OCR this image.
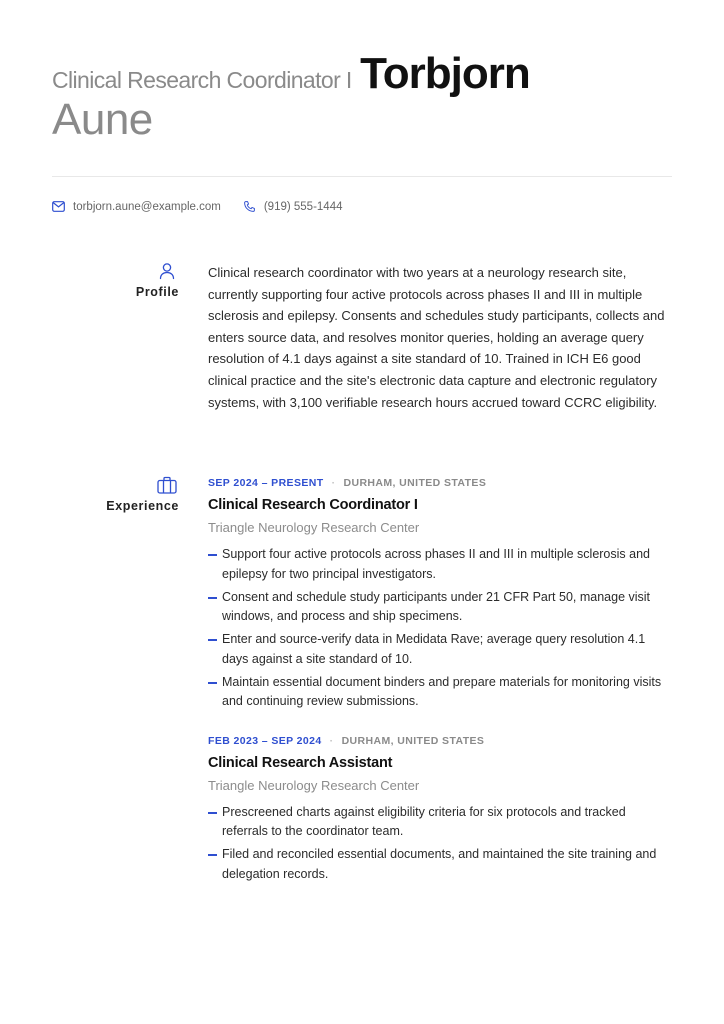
Clinical Research Coordinator I Torbjorn
Aune
torbjorn.aune@example.com	(919) 555-1444
Profile

Clinical research coordinator with two years at a neurology research site, currently supporting four active protocols across phases II and III in multiple sclerosis and epilepsy. Consents and schedules study participants, collects and enters source data, and resolves monitor queries, holding an average query resolution of 4.1 days against a site standard of 10. Trained in ICH E6 good clinical practice and the site's electronic data capture and electronic regulatory systems, with 3,100 verifiable research hours accrued toward CCRC eligibility.

Experience
SEP 2024 – PRESENT · DURHAM, UNITED STATES
Clinical Research Coordinator I
Triangle Neurology Research Center
Support four active protocols across phases II and III in multiple sclerosis and epilepsy for two principal investigators.
Consent and schedule study participants under 21 CFR Part 50, manage visit windows, and process and ship specimens.
Enter and source-verify data in Medidata Rave; average query resolution 4.1 days against a site standard of 10.
Maintain essential document binders and prepare materials for monitoring visits and continuing review submissions.
FEB 2023 – SEP 2024 · DURHAM, UNITED STATES
Clinical Research Assistant
Triangle Neurology Research Center
Prescreened charts against eligibility criteria for six protocols and tracked referrals to the coordinator team.
Filed and reconciled essential documents, and maintained the site training and delegation records.
